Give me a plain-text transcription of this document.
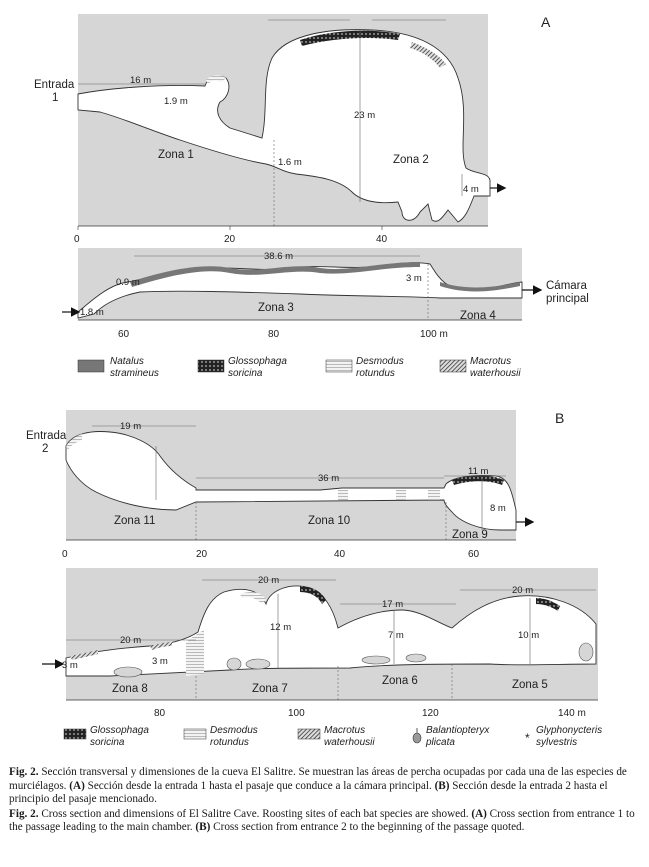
A
Entrada
1
16 m
1.9 m
23 m
1.6 m
4 m
Zona 1	Zona 2
0	20	40
38.6 m
0.9 m	3 m
1.8 m	Zona 3
Zona 4
60	80	100 m
Cámara
principal
Natalus
stramineus
Glossophaga
soricina
Desmodus
rotundus
Macrotus
waterhousii
B
Entrada
2
19 m
36 m
11 m
8 m
Zona 11	Zona 10
Zona 9
0	20	40	60
20 m
20 m
12 m
17 m
7 m
20 m
10 m
3 m	3 m
Zona 8	Zona 7
Zona 6	Zona 5
80	100	120	140 m
Glossophaga
soricina
Desmodus
rotundus
Macrotus
waterhousii
Balantiopteryx
plicata	*
Glyphonycteris
sylvestris

Fig. 2. Sección transversal y dimensiones de la cueva El Salitre. Se muestran las áreas de percha ocupadas por cada una de las especies de murciélagos. (A) Sección desde la entrada 1 hasta el pasaje que conduce a la cámara principal. (B) Sección desde la entrada 2 hasta el principio del pasaje mencionado.

Fig. 2. Cross section and dimensions of El Salitre Cave. Roosting sites of each bat species are showed. (A) Cross section from entrance 1 to the passage leading to the main chamber. (B) Cross section from entrance 2 to the beginning of the passage quoted.
